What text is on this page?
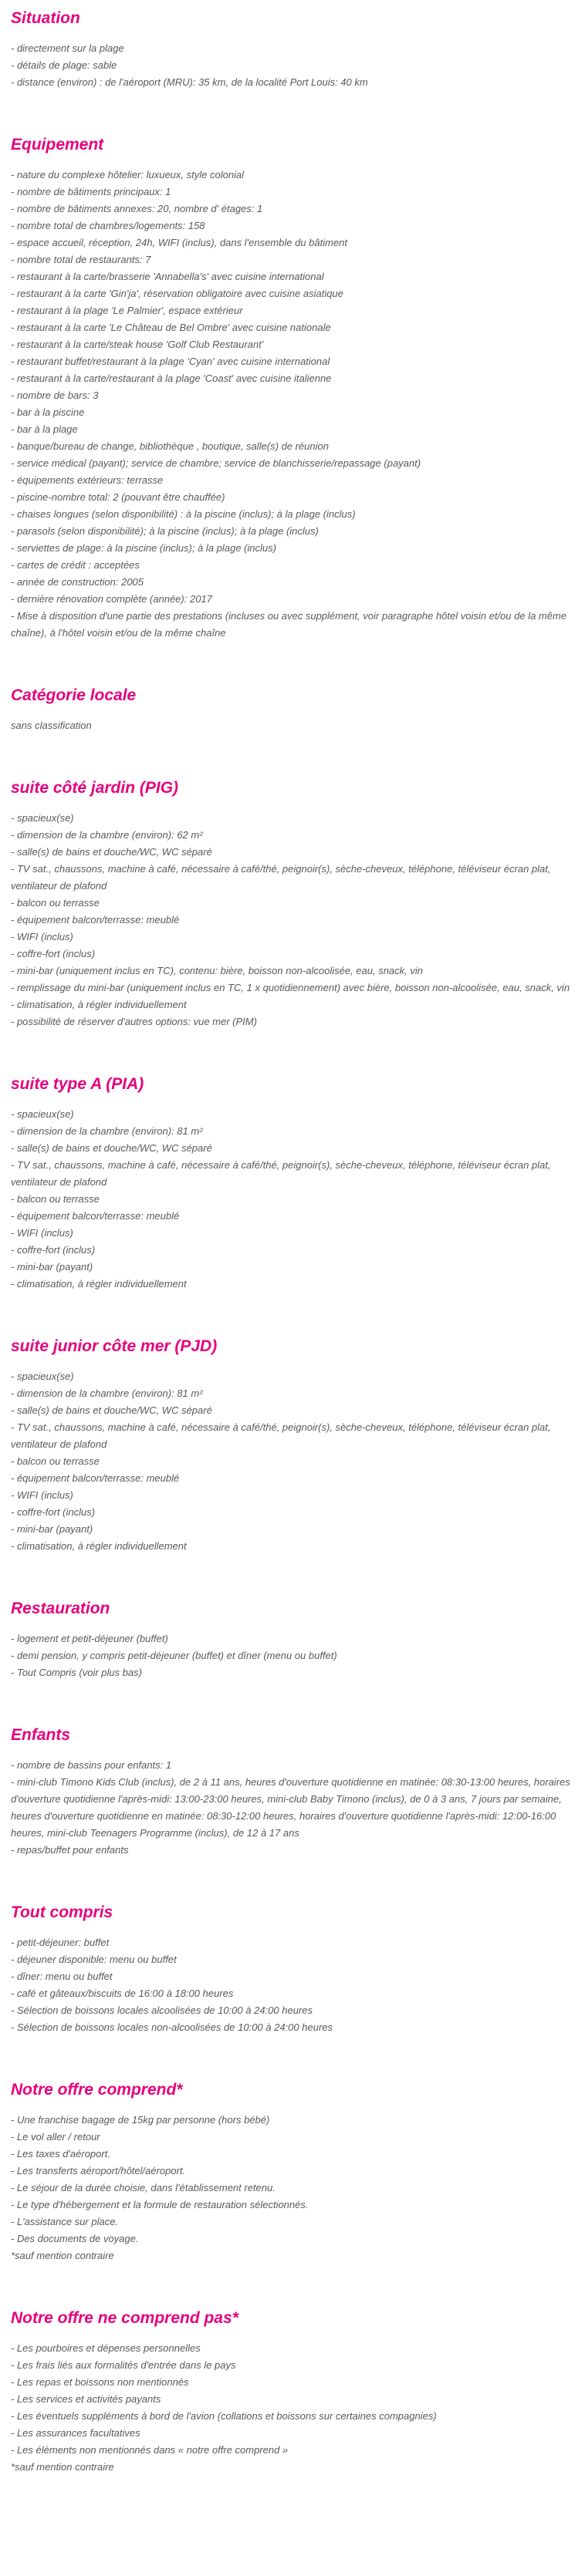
Situation

- directement sur la plage

- détails de plage: sable

- distance (environ) : de l'aéroport (MRU): 35 km, de la localité Port Louis: 40 km

Equipement

- nature du complexe hôtelier: luxueux, style colonial

- nombre de bâtiments principaux: 1

- nombre de bâtiments annexes: 20, nombre d' étages: 1

- nombre total de chambres/logements: 158

- espace accueil, réception, 24h, WIFI (inclus), dans l'ensemble du bâtiment

- nombre total de restaurants: 7

- restaurant à la carte/brasserie 'Annabella's' avec cuisine international

- restaurant à la carte 'Gin'ja', réservation obligatoire avec cuisine asiatique

- restaurant à la plage 'Le Palmier', espace extérieur

- restaurant à la carte 'Le Château de Bel Ombre' avec cuisine nationale

- restaurant à la carte/steak house 'Golf Club Restaurant'

- restaurant buffet/restaurant à la plage 'Cyan' avec cuisine international

- restaurant à la carte/restaurant à la plage 'Coast' avec cuisine italienne

- nombre de bars: 3

- bar à la piscine

- bar à la plage

- banque/bureau de change, bibliothèque , boutique, salle(s) de réunion

- service médical (payant); service de chambre; service de blanchisserie/repassage (payant)

- équipements extérieurs: terrasse

- piscine-nombre total: 2 (pouvant être chauffée)

- chaises longues (selon disponibilité) : à la piscine (inclus); à la plage (inclus)

- parasols (selon disponibilité); à la piscine (inclus); à la plage (inclus)

- serviettes de plage: à la piscine (inclus); à la plage (inclus)

- cartes de crédit : acceptées

- année de construction: 2005

- dernière rénovation complète (année): 2017

- Mise à disposition d'une partie des prestations (incluses ou avec supplément, voir paragraphe hôtel voisin et/ou de la même chaîne), à l'hôtel voisin et/ou de la même chaîne

Catégorie locale

sans classification

suite côté jardin (PIG)

- spacieux(se)

- dimension de la chambre (environ): 62 m²

- salle(s) de bains et douche/WC, WC séparé

- TV sat., chaussons, machine à café, nécessaire à café/thé, peignoir(s), sèche-cheveux, téléphone, téléviseur écran plat, ventilateur de plafond

- balcon ou terrasse

- équipement balcon/terrasse: meublé

- WIFI (inclus)

- coffre-fort (inclus)

- mini-bar (uniquement inclus en TC), contenu: bière, boisson non-alcoolisée, eau, snack, vin

- remplissage du mini-bar (uniquement inclus en TC, 1 x quotidiennement) avec bière, boisson non-alcoolisée, eau, snack, vin

- climatisation, à régler individuellement

- possibilité de réserver d'autres options: vue mer (PIM)

suite type A (PIA)

- spacieux(se)

- dimension de la chambre (environ): 81 m²

- salle(s) de bains et douche/WC, WC séparé

- TV sat., chaussons, machine à café, nécessaire à café/thé, peignoir(s), sèche-cheveux, téléphone, téléviseur écran plat, ventilateur de plafond

- balcon ou terrasse

- équipement balcon/terrasse: meublé

- WIFI (inclus)

- coffre-fort (inclus)

- mini-bar (payant)

- climatisation, à régler individuellement

suite junior côte mer (PJD)

- spacieux(se)

- dimension de la chambre (environ): 81 m²

- salle(s) de bains et douche/WC, WC séparé

- TV sat., chaussons, machine à café, nécessaire à café/thé, peignoir(s), sèche-cheveux, téléphone, téléviseur écran plat, ventilateur de plafond

- balcon ou terrasse

- équipement balcon/terrasse: meublé

- WIFI (inclus)

- coffre-fort (inclus)

- mini-bar (payant)

- climatisation, à régler individuellement

Restauration

- logement et petit-déjeuner (buffet)

- demi pension, y compris petit-déjeuner (buffet) et dîner (menu ou buffet)

- Tout Compris (voir plus bas)

Enfants

- nombre de bassins pour enfants: 1

- mini-club Timono Kids Club (inclus), de 2 à 11 ans, heures d'ouverture quotidienne en matinée: 08:30-13:00 heures, horaires d'ouverture quotidienne l'après-midi: 13:00-23:00 heures, mini-club Baby Timono (inclus), de 0 à 3 ans, 7 jours par semaine, heures d'ouverture quotidienne en matinée: 08:30-12:00 heures, horaires d'ouverture quotidienne l'après-midi: 12:00-16:00 heures, mini-club Teenagers Programme (inclus), de 12 à 17 ans

- repas/buffet pour enfants

Tout compris

- petit-déjeuner: buffet

- déjeuner disponible: menu ou buffet

- dîner: menu ou buffet

- café et gâteaux/biscuits de 16:00 à 18:00 heures

- Sélection de boissons locales alcoolisées de 10:00 à 24:00 heures

- Sélection de boissons locales non-alcoolisées de 10:00 à 24:00 heures

Notre offre comprend*

- Une franchise bagage de 15kg par personne (hors bébé)

- Le vol aller / retour

- Les taxes d'aéroport.

- Les transferts aéroport/hôtel/aéroport.

- Le séjour de la durée choisie, dans l'établissement retenu.

- Le type d'hébergement et la formule de restauration sélectionnés.

- L'assistance sur place.

- Des documents de voyage.

*sauf mention contraire

Notre offre ne comprend pas*

- Les pourboires et dépenses personnelles

- Les frais liés aux formalités d'entrée dans le pays

- Les repas et boissons non mentionnés

- Les services et activités payants

- Les éventuels suppléments à bord de l'avion (collations et boissons sur certaines compagnies)

- Les assurances facultatives

- Les éléments non mentionnés dans « notre offre comprend »

*sauf mention contraire
